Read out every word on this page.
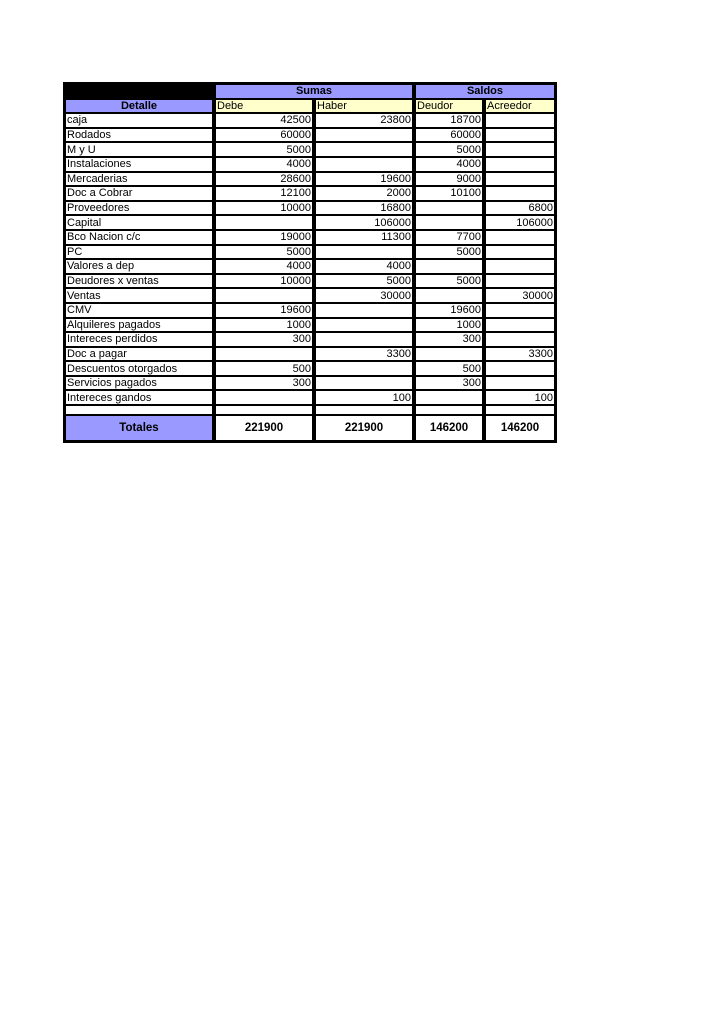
	Sumas		Saldos	
Detalle	Debe	Haber	Deudor	Acreedor
caja	42500	23800	18700	
Rodados	60000		60000	
M y U	5000		5000	
Instalaciones	4000		4000	
Mercaderias	28600	19600	9000	
Doc a Cobrar	12100	2000	10100	
Proveedores	10000	16800		6800
Capital		106000		106000
Bco Nacion c/c	19000	11300	7700	
PC	5000		5000	
Valores a dep	4000	4000		
Deudores x ventas	10000	5000	5000	
Ventas		30000		30000
CMV	19600		19600	
Alquileres pagados	1000		1000	
Intereces perdidos	300		300	
Doc a pagar		3300		3300
Descuentos otorgados	500		500	
Servicios pagados	300		300	
Intereces gandos		100		100

Totales	221900	221900	146200	146200
